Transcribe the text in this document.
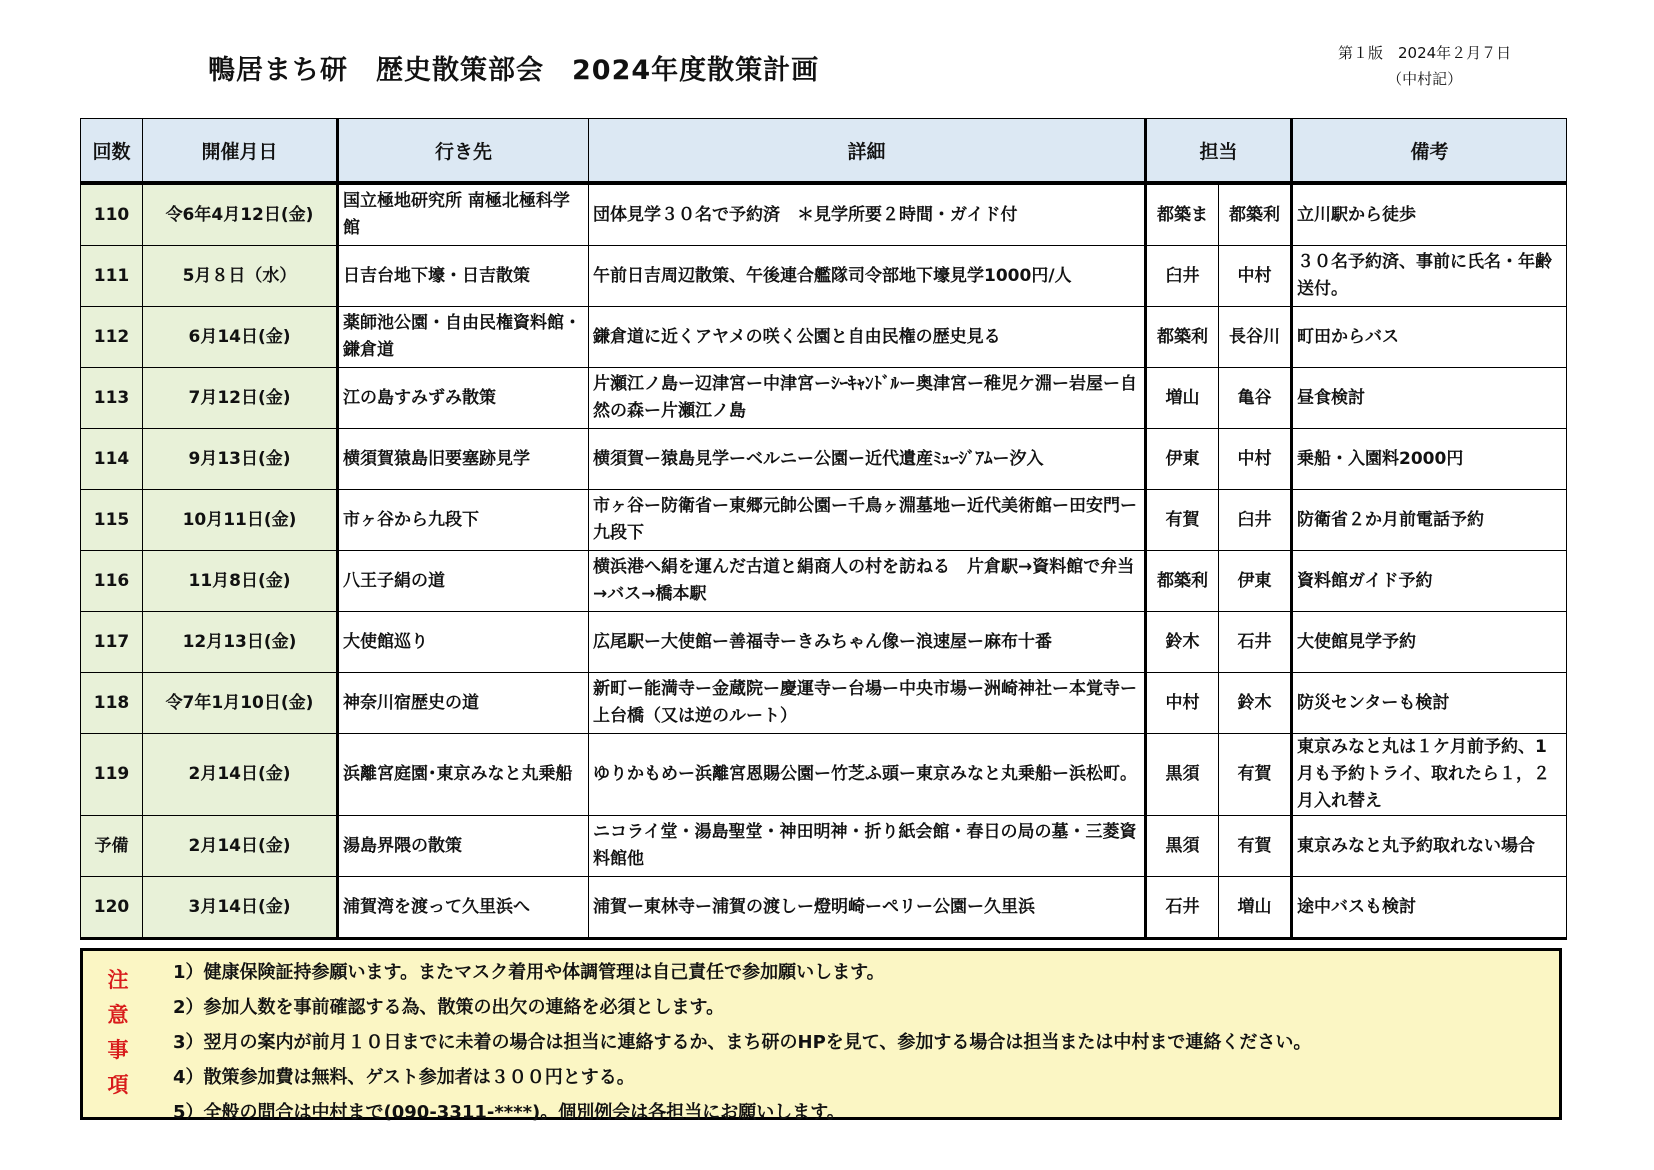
鴨居まち研　歴史散策部会　2024年度散策計画
第１版　2024年２月７日
（中村記）
回数	開催月日	行き先	詳細	担当		備考
110	令6年4月12日(金)	国立極地研究所 南極北極科学館	団体見学３０名で予約済　＊見学所要２時間・ガイド付	都築ま	都築利	立川駅から徒歩
111	5月８日（水）	日吉台地下壕・日吉散策	午前日吉周辺散策、午後連合艦隊司令部地下壕見学1000円/人	臼井	中村	３０名予約済、事前に氏名・年齢送付。
112	6月14日(金)	薬師池公園・自由民権資料館・鎌倉道	鎌倉道に近くアヤメの咲く公園と自由民権の歴史見る	都築利	長谷川	町田からバス
113	7月12日(金)	江の島すみずみ散策	片瀬江ノ島ー辺津宮ー中津宮ーｼｰｷｬﾝﾄﾞﾙー奥津宮ー稚児ケ淵ー岩屋ー自然の森ー片瀬江ノ島	増山	亀谷	昼食検討
114	9月13日(金)	横須賀猿島旧要塞跡見学	横須賀ー猿島見学ーベルニー公園ー近代遺産ﾐｭｰｼﾞｱﾑー汐入	伊東	中村	乗船・入園料2000円
115	10月11日(金)	市ヶ谷から九段下	市ヶ谷ー防衛省ー東郷元帥公園ー千鳥ヶ淵墓地ー近代美術館ー田安門ー九段下	有賀	臼井	防衛省２か月前電話予約
116	11月8日(金)	八王子絹の道	横浜港へ絹を運んだ古道と絹商人の村を訪ねる　片倉駅→資料館で弁当→バス→橋本駅	都築利	伊東	資料館ガイド予約
117	12月13日(金)	大使館巡り	広尾駅ー大使館ー善福寺ーきみちゃん像ー浪速屋ー麻布十番	鈴木	石井	大使館見学予約
118	令7年1月10日(金)	神奈川宿歴史の道	新町ー能満寺ー金蔵院ー慶運寺ー台場ー中央市場ー洲崎神社ー本覚寺ー上台橋（又は逆のルート）	中村	鈴木	防災センターも検討
119	2月14日(金)	浜離宮庭園･東京みなと丸乗船	ゆりかもめー浜離宮恩賜公園ー竹芝ふ頭ー東京みなと丸乗船ー浜松町。	黒須	有賀	東京みなと丸は１ケ月前予約、1月も予約トライ、取れたら１，２月入れ替え
予備	2月14日(金)	湯島界隈の散策	ニコライ堂・湯島聖堂・神田明神・折り紙会館・春日の局の墓・三菱資料館他	黒須	有賀	東京みなと丸予約取れない場合
120	3月14日(金)	浦賀湾を渡って久里浜へ	浦賀ー東林寺ー浦賀の渡しー燈明崎ーペリー公園ー久里浜	石井	増山	途中バスも検討
注
意
事
項
1）健康保険証持参願います。またマスク着用や体調管理は自己責任で参加願いします。
2）参加人数を事前確認する為、散策の出欠の連絡を必須とします。
3）翌月の案内が前月１０日までに未着の場合は担当に連絡するか、まち研のHPを見て、参加する場合は担当または中村まで連絡ください。
4）散策参加費は無料、ゲスト参加者は３００円とする。
5）全般の問合は中村まで(090-3311-****)。個別例会は各担当にお願いします。
